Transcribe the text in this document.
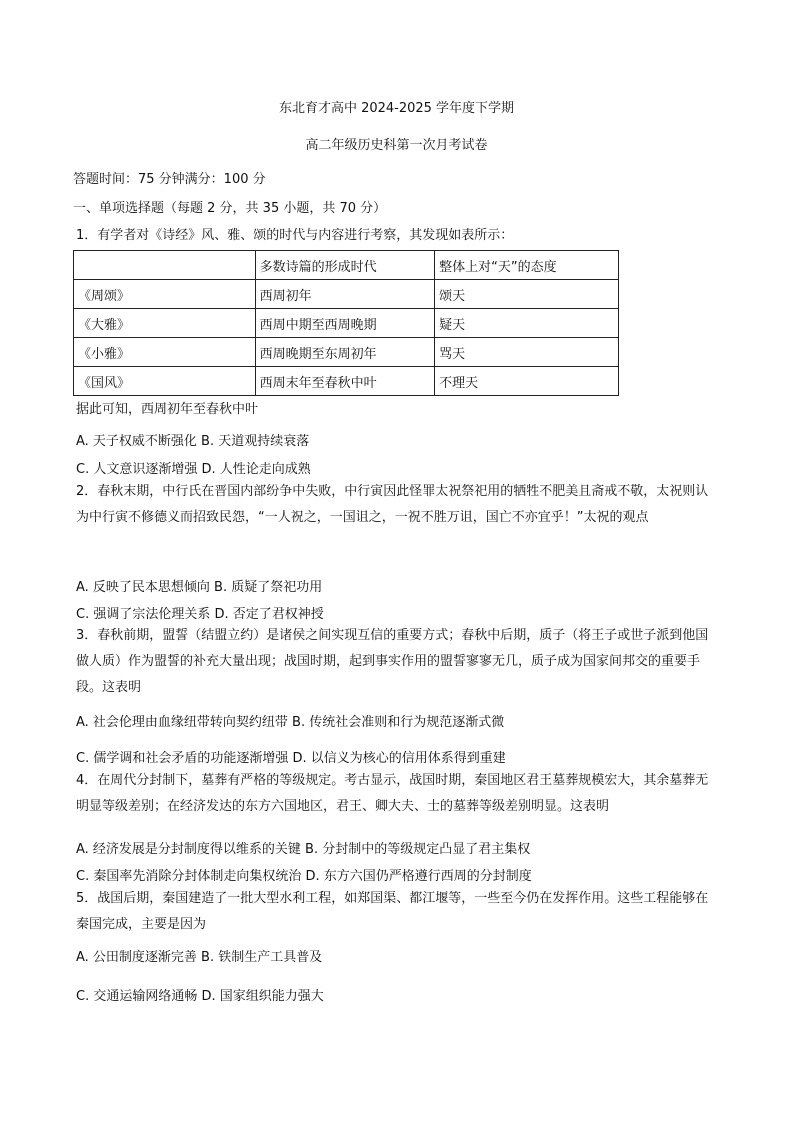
东北育才高中 2024-2025 学年度下学期
高二年级历史科第一次月考试卷
答题时间：75 分钟满分：100 分
一、单项选择题（每题 2 分，共 35 小题，共 70 分）
1．有学者对《诗经》风、雅、颂的时代与内容进行考察，其发现如表所示：
	多数诗篇的形成时代	整体上对“天”的态度
《周颂》	西周初年	颂天
《大雅》	西周中期至西周晚期	疑天
《小雅》	西周晚期至东周初年	骂天
《国风》	西周末年至春秋中叶	不理天
据此可知，西周初年至春秋中叶
A. 天子权威不断强化 B. 天道观持续衰落
C. 人文意识逐渐增强 D. 人性论走向成熟
2．春秋末期，中行氏在晋国内部纷争中失败，中行寅因此怪罪太祝祭祀用的牺牲不肥美且斋戒不敬，太祝则认为中行寅不修德义而招致民怨，“一人祝之，一国诅之，一祝不胜万诅，国亡不亦宜乎！”太祝的观点
A. 反映了民本思想倾向 B. 质疑了祭祀功用
C. 强调了宗法伦理关系 D. 否定了君权神授
3．春秋前期，盟誓（结盟立约）是诸侯之间实现互信的重要方式；春秋中后期，质子（将王子或世子派到他国做人质）作为盟誓的补充大量出现；战国时期，起到事实作用的盟誓寥寥无几，质子成为国家间邦交的重要手段。这表明
A. 社会伦理由血缘纽带转向契约纽带 B. 传统社会准则和行为规范逐渐式微
C. 儒学调和社会矛盾的功能逐渐增强 D. 以信义为核心的信用体系得到重建
4．在周代分封制下，墓葬有严格的等级规定。考古显示，战国时期，秦国地区君王墓葬规模宏大，其余墓葬无明显等级差别；在经济发达的东方六国地区，君王、卿大夫、士的墓葬等级差别明显。这表明
A. 经济发展是分封制度得以维系的关键 B. 分封制中的等级规定凸显了君主集权
C. 秦国率先消除分封体制走向集权统治 D. 东方六国仍严格遵行西周的分封制度
5．战国后期，秦国建造了一批大型水利工程，如郑国渠、都江堰等，一些至今仍在发挥作用。这些工程能够在秦国完成，主要是因为
A. 公田制度逐渐完善 B. 铁制生产工具普及
C. 交通运输网络通畅 D. 国家组织能力强大
